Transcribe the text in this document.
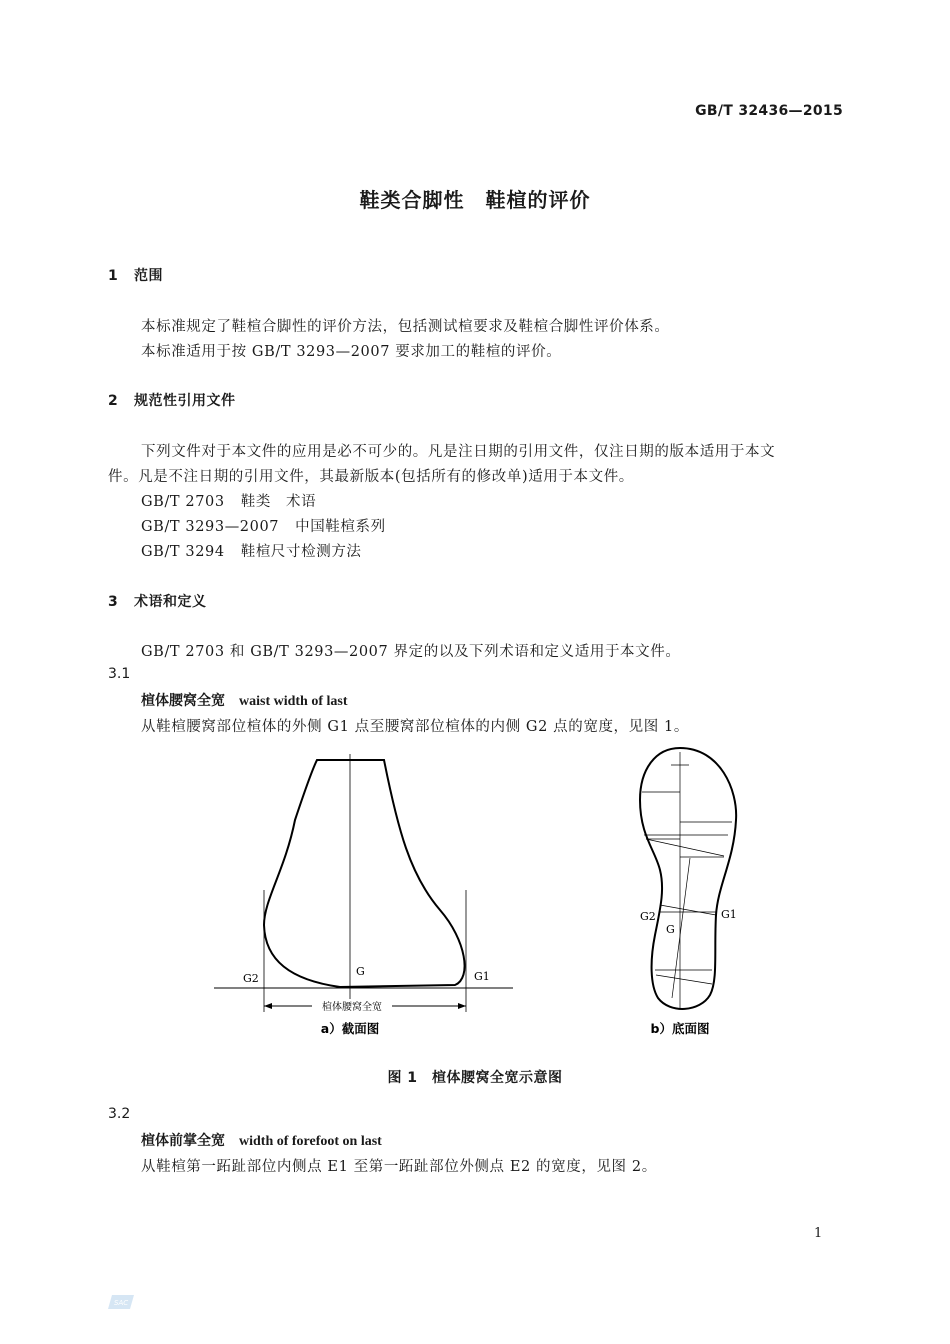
GB/T 32436—2015
鞋类合脚性　鞋楦的评价
1 范围
本标准规定了鞋楦合脚性的评价方法，包括测试楦要求及鞋楦合脚性评价体系。
本标准适用于按 GB/T 3293—2007 要求加工的鞋楦的评价。
2 规范性引用文件
下列文件对于本文件的应用是必不可少的。凡是注日期的引用文件，仅注日期的版本适用于本文
件。凡是不注日期的引用文件，其最新版本(包括所有的修改单)适用于本文件。
GB/T 2703 鞋类　术语
GB/T 3293—2007 中国鞋楦系列
GB/T 3294 鞋楦尺寸检测方法
3 术语和定义
GB/T 2703 和 GB/T 3293—2007 界定的以及下列术语和定义适用于本文件。
3.1
楦体腰窝全宽 waist width of last
从鞋楦腰窝部位楦体的外侧 G1 点至腰窝部位楦体的内侧 G2 点的宽度，见图 1。
G2
G	G1
楦体腰窝全宽
a）截面图
G2
G
G1
b）底面图
图 1　楦体腰窝全宽示意图
3.2
楦体前掌全宽 width of forefoot on last
从鞋楦第一跖趾部位内侧点 E1 至第一跖趾部位外侧点 E2 的宽度，见图 2。
1
SAC
